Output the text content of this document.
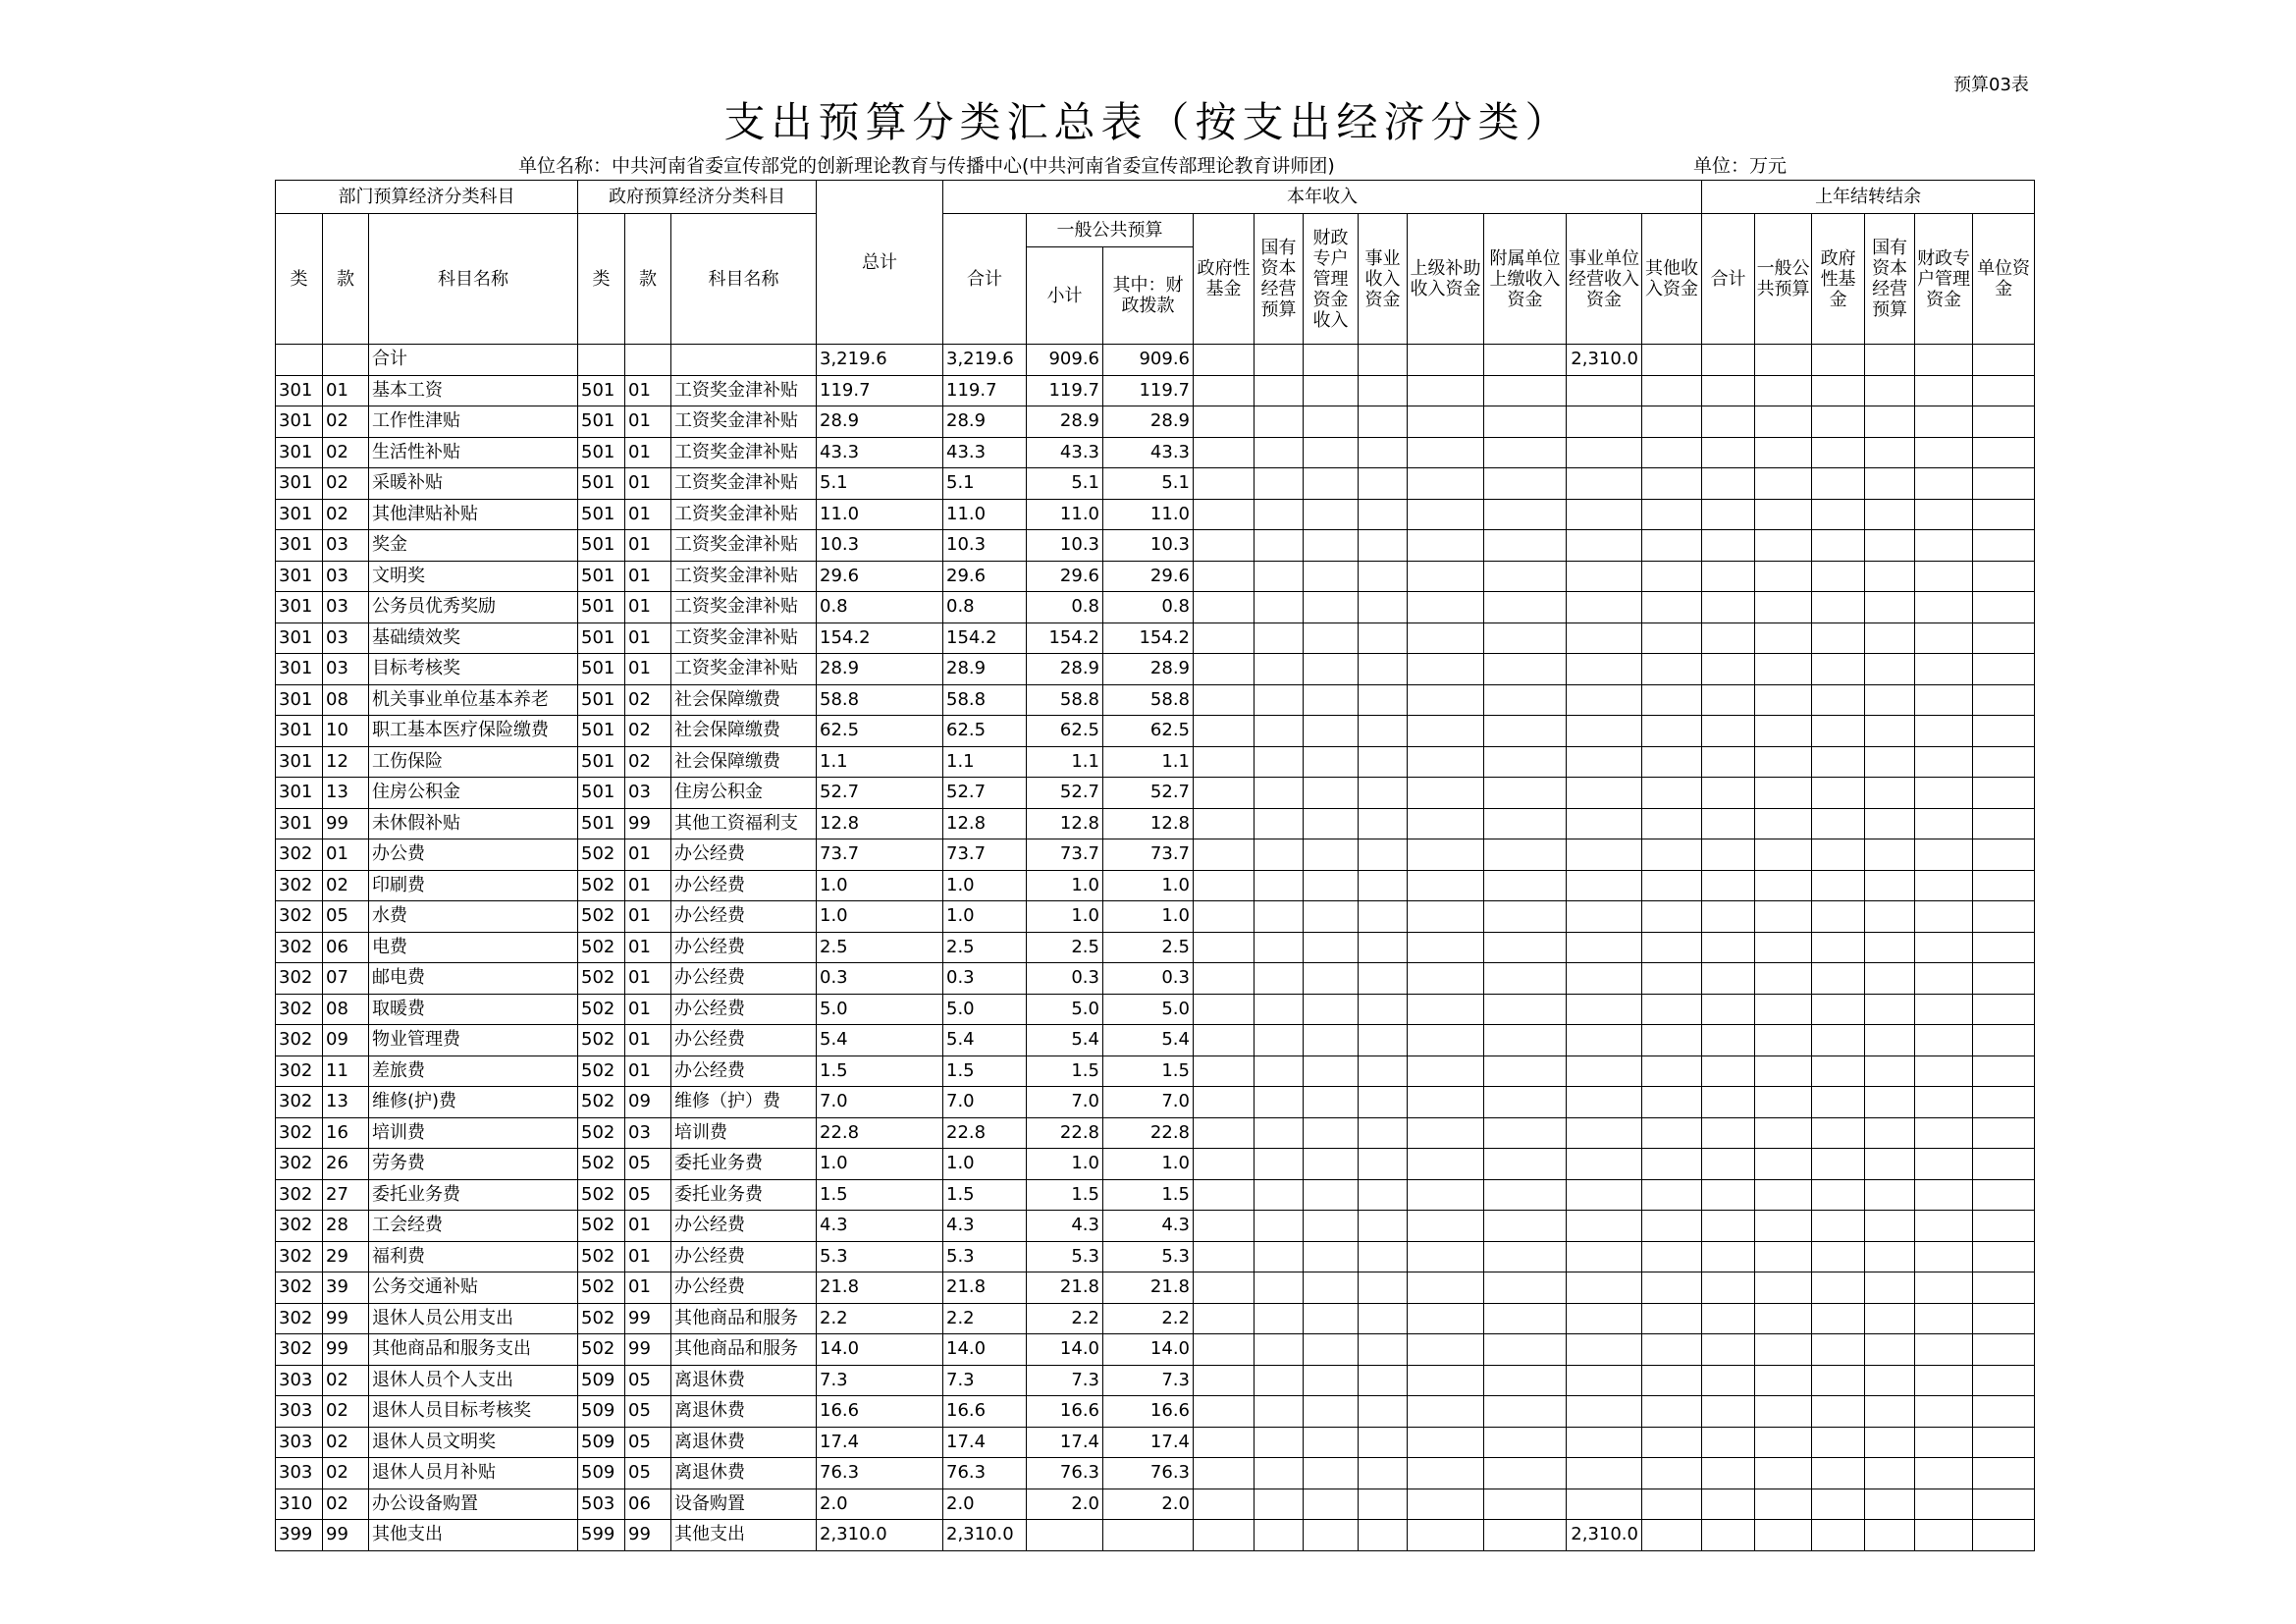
预算03表
支出预算分类汇总表（按支出经济分类）
单位名称：中共河南省委宣传部党的创新理论教育与传播中心(中共河南省委宣传部理论教育讲师团)	单位：万元
部门预算经济分类科目			政府预算经济分类科目			总计	本年收入											上年结转结余					
类	款	科目名称	类	款	科目名称		合计	一般公共预算		政府性基金	国有资本经营预算	财政专户管理资金收入	事业收入资金	上级补助收入资金	附属单位上缴收入资金	事业单位经营收入资金	其他收入资金	合计	一般公共预算	政府性基金	国有资本经营预算	财政专户管理资金	单位资金
								小计	其中：财政拨款														
		合计				3,219.6	3,219.6	909.6	909.6							2,310.0							
301	01	基本工资	501	01	工资奖金津补贴	119.7	119.7	119.7	119.7														
301	02	工作性津贴	501	01	工资奖金津补贴	28.9	28.9	28.9	28.9														
301	02	生活性补贴	501	01	工资奖金津补贴	43.3	43.3	43.3	43.3														
301	02	采暖补贴	501	01	工资奖金津补贴	5.1	5.1	5.1	5.1														
301	02	其他津贴补贴	501	01	工资奖金津补贴	11.0	11.0	11.0	11.0														
301	03	奖金	501	01	工资奖金津补贴	10.3	10.3	10.3	10.3														
301	03	文明奖	501	01	工资奖金津补贴	29.6	29.6	29.6	29.6														
301	03	公务员优秀奖励	501	01	工资奖金津补贴	0.8	0.8	0.8	0.8														
301	03	基础绩效奖	501	01	工资奖金津补贴	154.2	154.2	154.2	154.2														
301	03	目标考核奖	501	01	工资奖金津补贴	28.9	28.9	28.9	28.9														
301	08	机关事业单位基本养老	501	02	社会保障缴费	58.8	58.8	58.8	58.8														
301	10	职工基本医疗保险缴费	501	02	社会保障缴费	62.5	62.5	62.5	62.5														
301	12	工伤保险	501	02	社会保障缴费	1.1	1.1	1.1	1.1														
301	13	住房公积金	501	03	住房公积金	52.7	52.7	52.7	52.7														
301	99	未休假补贴	501	99	其他工资福利支	12.8	12.8	12.8	12.8														
302	01	办公费	502	01	办公经费	73.7	73.7	73.7	73.7														
302	02	印刷费	502	01	办公经费	1.0	1.0	1.0	1.0														
302	05	水费	502	01	办公经费	1.0	1.0	1.0	1.0														
302	06	电费	502	01	办公经费	2.5	2.5	2.5	2.5														
302	07	邮电费	502	01	办公经费	0.3	0.3	0.3	0.3														
302	08	取暖费	502	01	办公经费	5.0	5.0	5.0	5.0														
302	09	物业管理费	502	01	办公经费	5.4	5.4	5.4	5.4														
302	11	差旅费	502	01	办公经费	1.5	1.5	1.5	1.5														
302	13	维修(护)费	502	09	维修（护）费	7.0	7.0	7.0	7.0														
302	16	培训费	502	03	培训费	22.8	22.8	22.8	22.8														
302	26	劳务费	502	05	委托业务费	1.0	1.0	1.0	1.0														
302	27	委托业务费	502	05	委托业务费	1.5	1.5	1.5	1.5														
302	28	工会经费	502	01	办公经费	4.3	4.3	4.3	4.3														
302	29	福利费	502	01	办公经费	5.3	5.3	5.3	5.3														
302	39	公务交通补贴	502	01	办公经费	21.8	21.8	21.8	21.8														
302	99	退休人员公用支出	502	99	其他商品和服务	2.2	2.2	2.2	2.2														
302	99	其他商品和服务支出	502	99	其他商品和服务	14.0	14.0	14.0	14.0														
303	02	退休人员个人支出	509	05	离退休费	7.3	7.3	7.3	7.3														
303	02	退休人员目标考核奖	509	05	离退休费	16.6	16.6	16.6	16.6														
303	02	退休人员文明奖	509	05	离退休费	17.4	17.4	17.4	17.4														
303	02	退休人员月补贴	509	05	离退休费	76.3	76.3	76.3	76.3														
310	02	办公设备购置	503	06	设备购置	2.0	2.0	2.0	2.0														
399	99	其他支出	599	99	其他支出	2,310.0	2,310.0									2,310.0							
